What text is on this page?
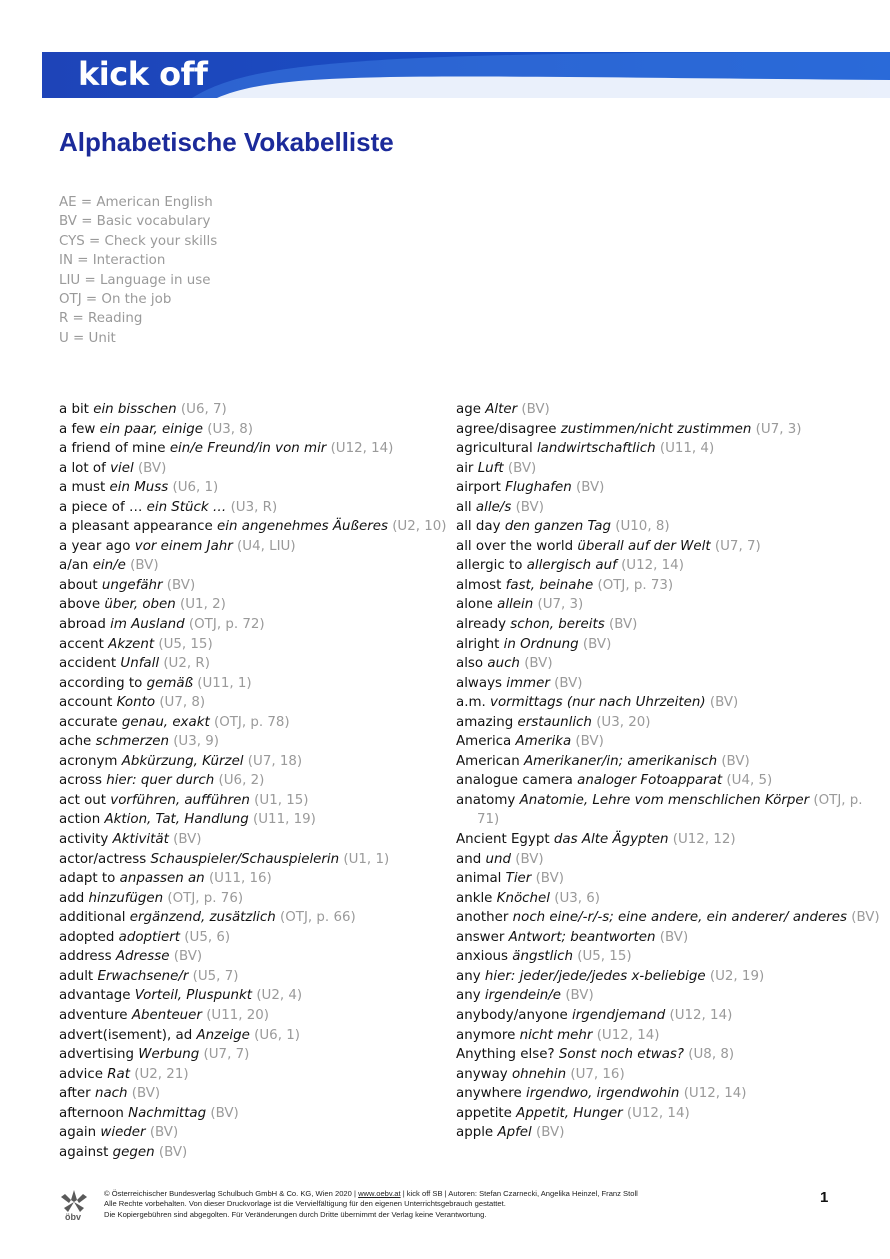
kick off
Alphabetische Vokabelliste
AE = American English
BV = Basic vocabulary
CYS = Check your skills
IN = Interaction
LIU = Language in use
OTJ = On the job
R = Reading
U = Unit
a bit ein bisschen (U6, 7)
a few ein paar, einige (U3, 8)
a friend of mine ein/e Freund/in von mir (U12, 14)
a lot of viel (BV)
a must ein Muss (U6, 1)
a piece of … ein Stück … (U3, R)
a pleasant appearance ein angenehmes Äußeres (U2, 10)
a year ago vor einem Jahr (U4, LIU)
a/an ein/e (BV)
about ungefähr (BV)
above über, oben (U1, 2)
abroad im Ausland (OTJ, p. 72)
accent Akzent (U5, 15)
accident Unfall (U2, R)
according to gemäß (U11, 1)
account Konto (U7, 8)
accurate genau, exakt (OTJ, p. 78)
ache schmerzen (U3, 9)
acronym Abkürzung, Kürzel (U7, 18)
across hier: quer durch (U6, 2)
act out vorführen, aufführen (U1, 15)
action Aktion, Tat, Handlung (U11, 19)
activity Aktivität (BV)
actor/actress Schauspieler/Schauspielerin (U1, 1)
adapt to anpassen an (U11, 16)
add hinzufügen (OTJ, p. 76)
additional ergänzend, zusätzlich (OTJ, p. 66)
adopted adoptiert (U5, 6)
address Adresse (BV)
adult Erwachsene/r (U5, 7)
advantage Vorteil, Pluspunkt (U2, 4)
adventure Abenteuer (U11, 20)
advert(isement), ad Anzeige (U6, 1)
advertising Werbung (U7, 7)
advice Rat (U2, 21)
after nach (BV)
afternoon Nachmittag (BV)
again wieder (BV)
against gegen (BV)
age Alter (BV)
agree/disagree zustimmen/nicht zustimmen (U7, 3)
agricultural landwirtschaftlich (U11, 4)
air Luft (BV)
airport Flughafen (BV)
all alle/s (BV)
all day den ganzen Tag (U10, 8)
all over the world überall auf der Welt (U7, 7)
allergic to allergisch auf (U12, 14)
almost fast, beinahe (OTJ, p. 73)
alone allein (U7, 3)
already schon, bereits (BV)
alright in Ordnung (BV)
also auch (BV)
always immer (BV)
a.m. vormittags (nur nach Uhrzeiten) (BV)
amazing erstaunlich (U3, 20)
America Amerika (BV)
American Amerikaner/in; amerikanisch (BV)
analogue camera analoger Fotoapparat (U4, 5)
anatomy Anatomie, Lehre vom menschlichen Körper (OTJ, p. 71)
Ancient Egypt das Alte Ägypten (U12, 12)
and und (BV)
animal Tier (BV)
ankle Knöchel (U3, 6)
another noch eine/-r/-s; eine andere, ein anderer/ anderes (BV)
answer Antwort; beantworten (BV)
anxious ängstlich (U5, 15)
any hier: jeder/jede/jedes x-beliebige (U2, 19)
any irgendein/e (BV)
anybody/anyone irgendjemand (U12, 14)
anymore nicht mehr (U12, 14)
Anything else? Sonst noch etwas? (U8, 8)
anyway ohnehin (U7, 16)
anywhere irgendwo, irgendwohin (U12, 14)
appetite Appetit, Hunger (U12, 14)
apple Apfel (BV)
öbv
© Österreichischer Bundesverlag Schulbuch GmbH & Co. KG, Wien 2020 | www.oebv.at | kick off SB | Autoren: Stefan Czarnecki, Angelika Heinzel, Franz Stoll
Alle Rechte vorbehalten. Von dieser Druckvorlage ist die Vervielfältigung für den eigenen Unterrichtsgebrauch gestattet.
Die Kopiergebühren sind abgegolten. Für Veränderungen durch Dritte übernimmt der Verlag keine Verantwortung.
1
